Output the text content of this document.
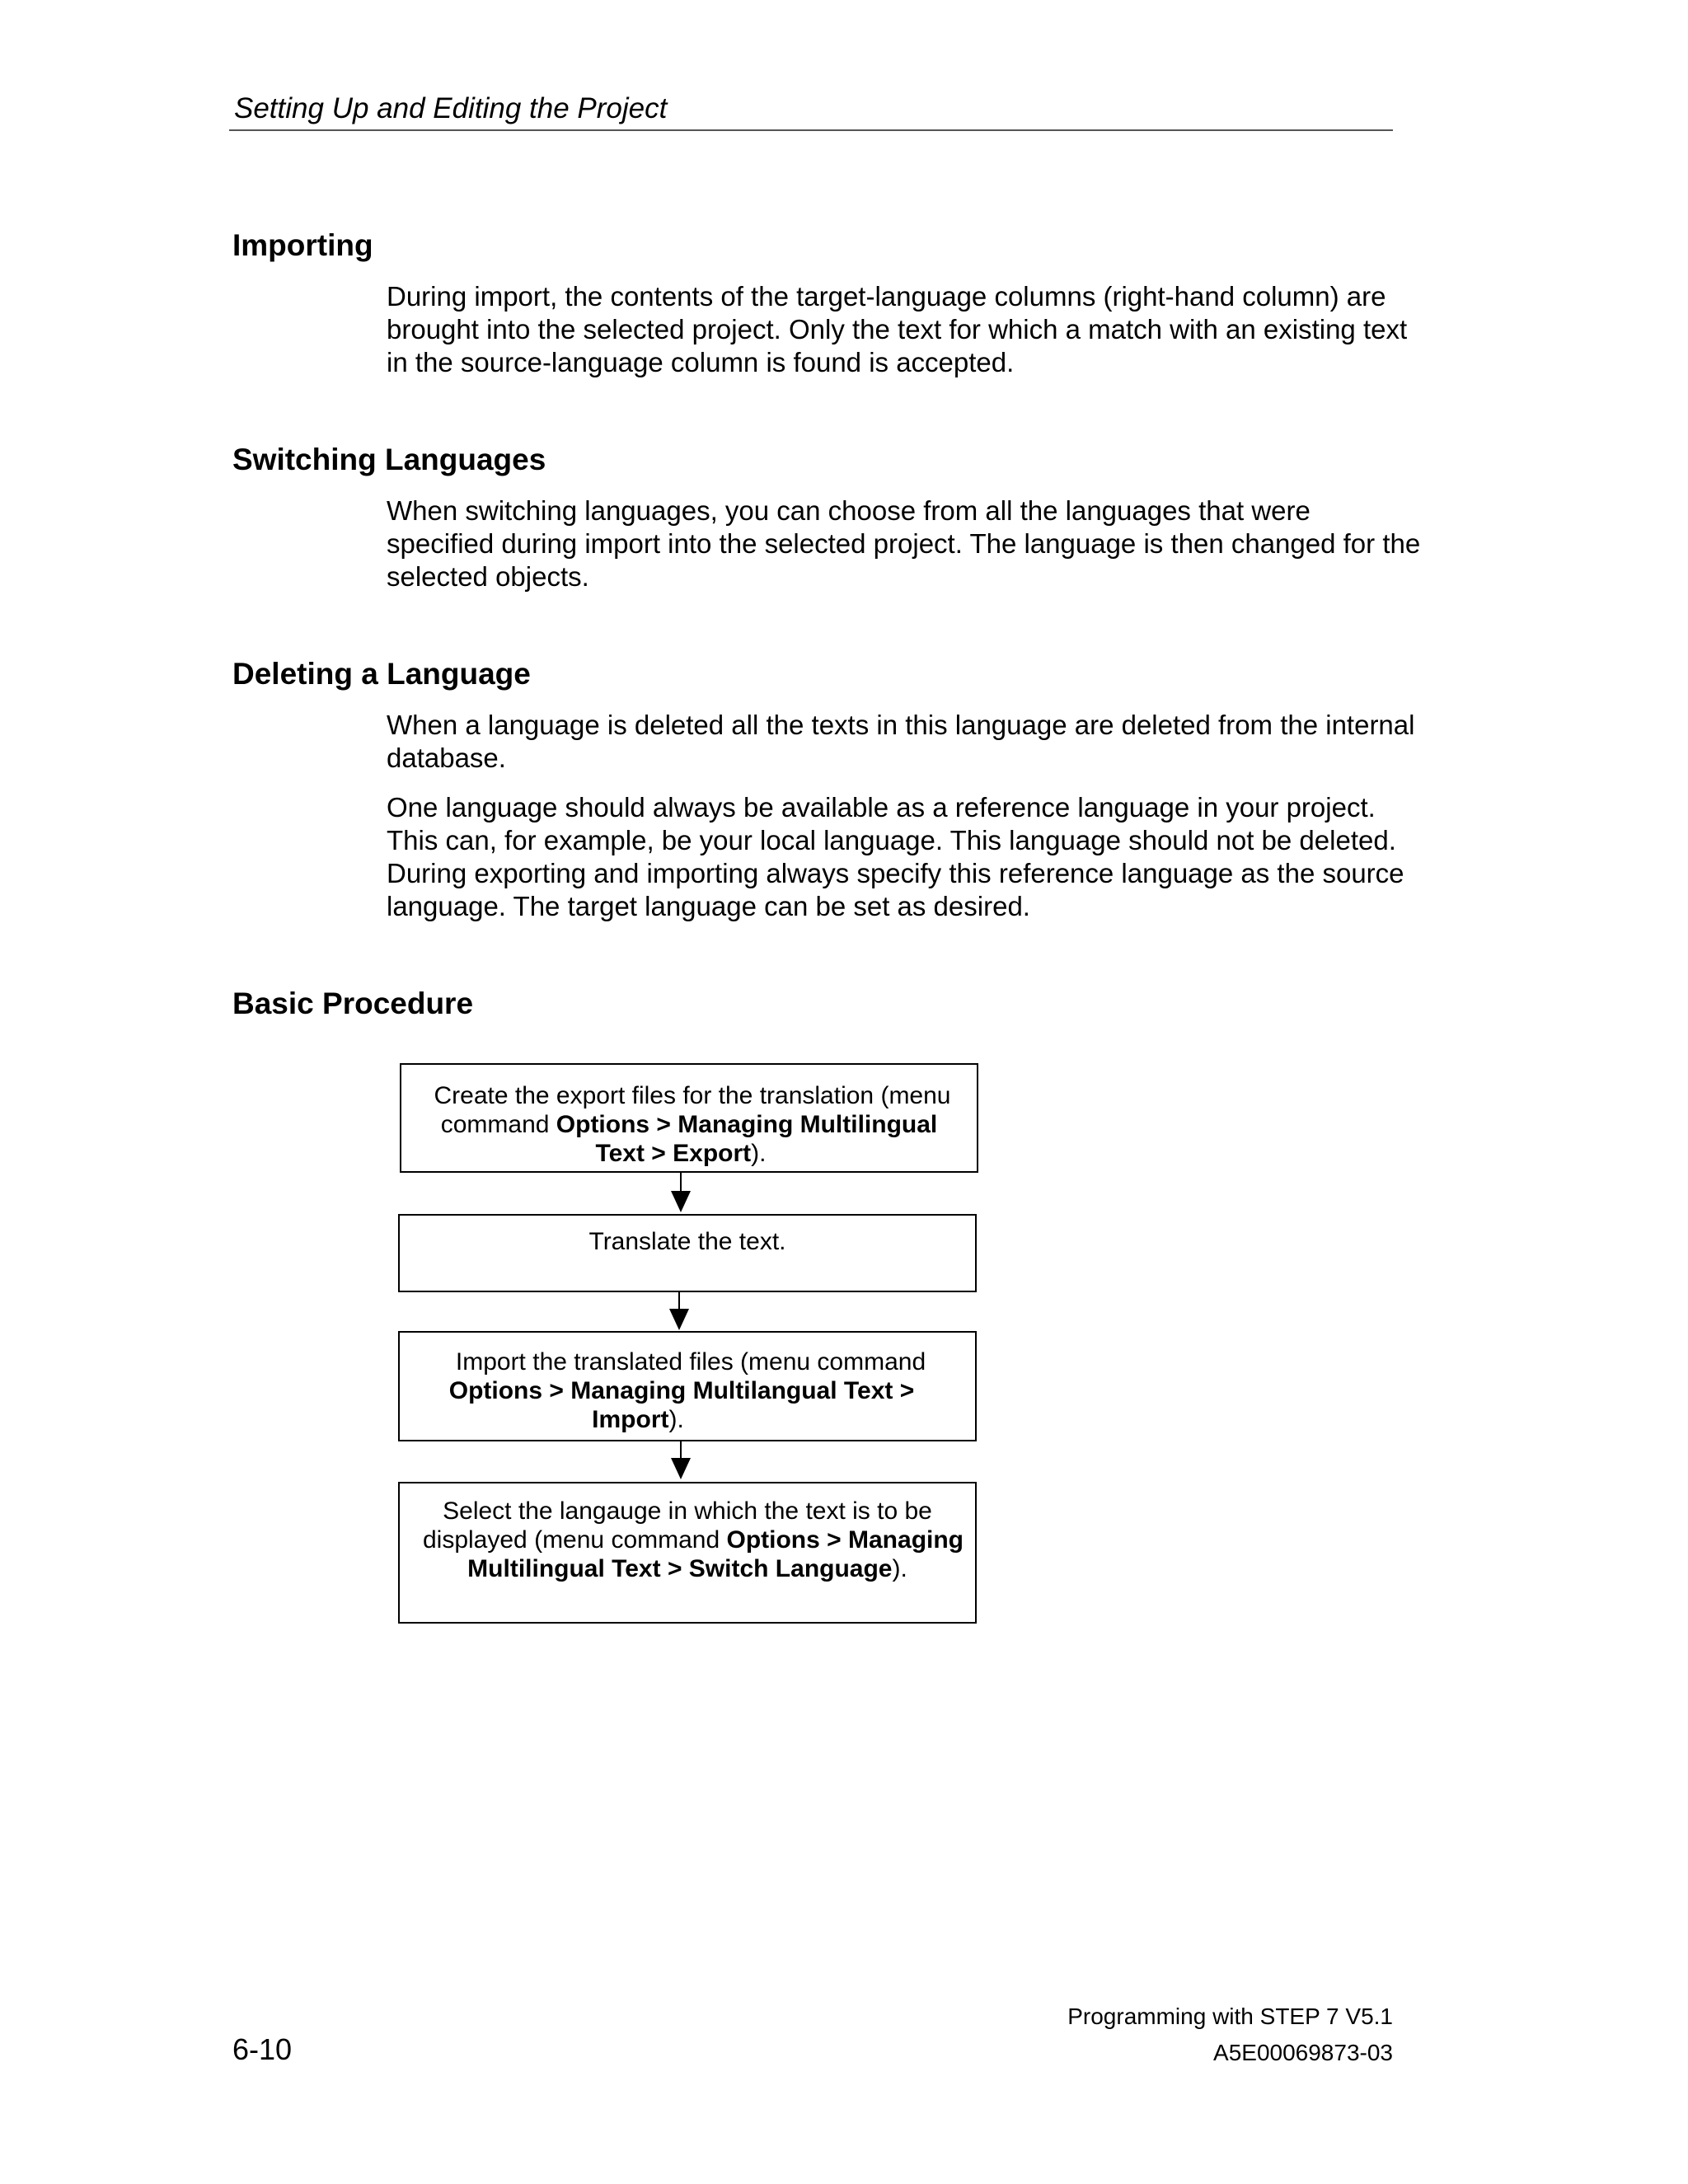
Setting Up and Editing the Project
Importing

During import, the contents of the target-language columns (right-hand column) are brought into the selected project. Only the text for which a match with an existing text in the source-language column is found is accepted.

Switching Languages

When switching languages, you can choose from all the languages that were specified during import into the selected project. The language is then changed for the selected objects.

Deleting a Language

When a language is deleted all the texts in this language are deleted from the internal database.

One language should always be available as a reference language in your project. This can, for example, be your local language. This language should not be deleted. During exporting and importing always specify this reference language as the source language. The target language can be set as desired.

Basic Procedure
Create the export files for the translation (menu
command Options > Managing Multilingual
Text > Export).
Translate the text.
Import the translated files (menu command
Options > Managing Multilangual Text >
Import).
Select the langauge in which the text is to be
displayed (menu command Options > Managing
Multilingual Text > Switch Language).
Programming with STEP 7 V5.1
A5E00069873-03
6-10
